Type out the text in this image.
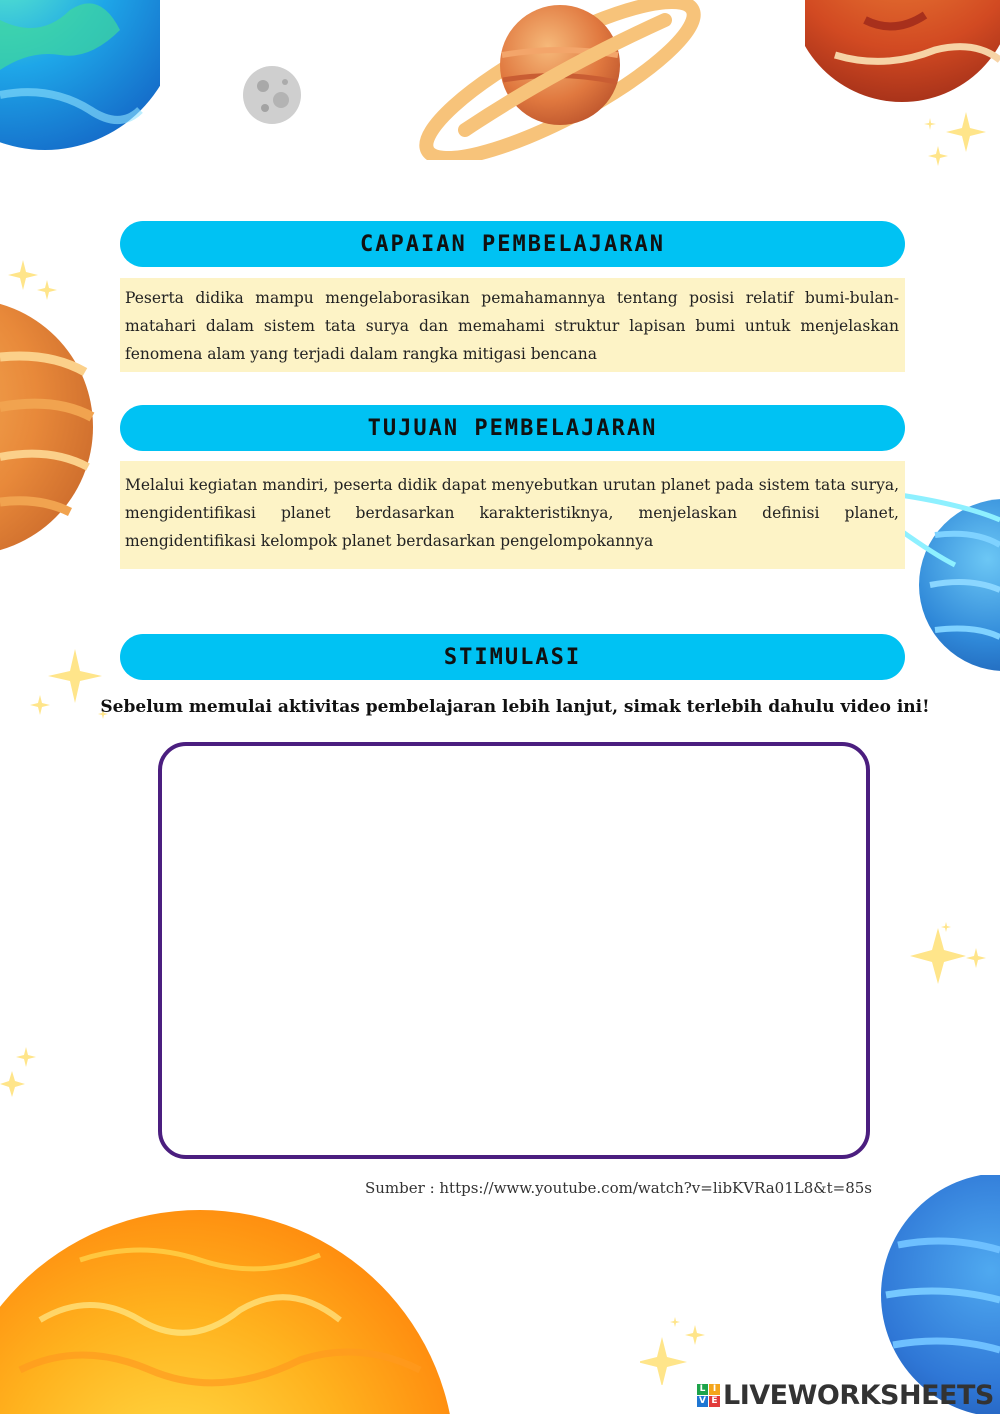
CAPAIAN PEMBELAJARAN
Peserta didika mampu mengelaborasikan pemahamannya tentang posisi relatif bumi-bulan-matahari dalam sistem tata surya dan memahami struktur lapisan bumi untuk menjelaskan fenomena alam yang terjadi dalam rangka mitigasi bencana
TUJUAN PEMBELAJARAN
Melalui kegiatan mandiri, peserta didik dapat menyebutkan urutan planet pada sistem tata surya, mengidentifikasi planet berdasarkan karakteristiknya, menjelaskan definisi planet, mengidentifikasi kelompok planet berdasarkan pengelompokannya
STIMULASI
Sebelum memulai aktivitas pembelajaran lebih lanjut, simak terlebih dahulu video ini!
Sumber : https://www.youtube.com/watch?v=libKVRa01L8&t=85s
L I
V E LIVEWORKSHEETS
